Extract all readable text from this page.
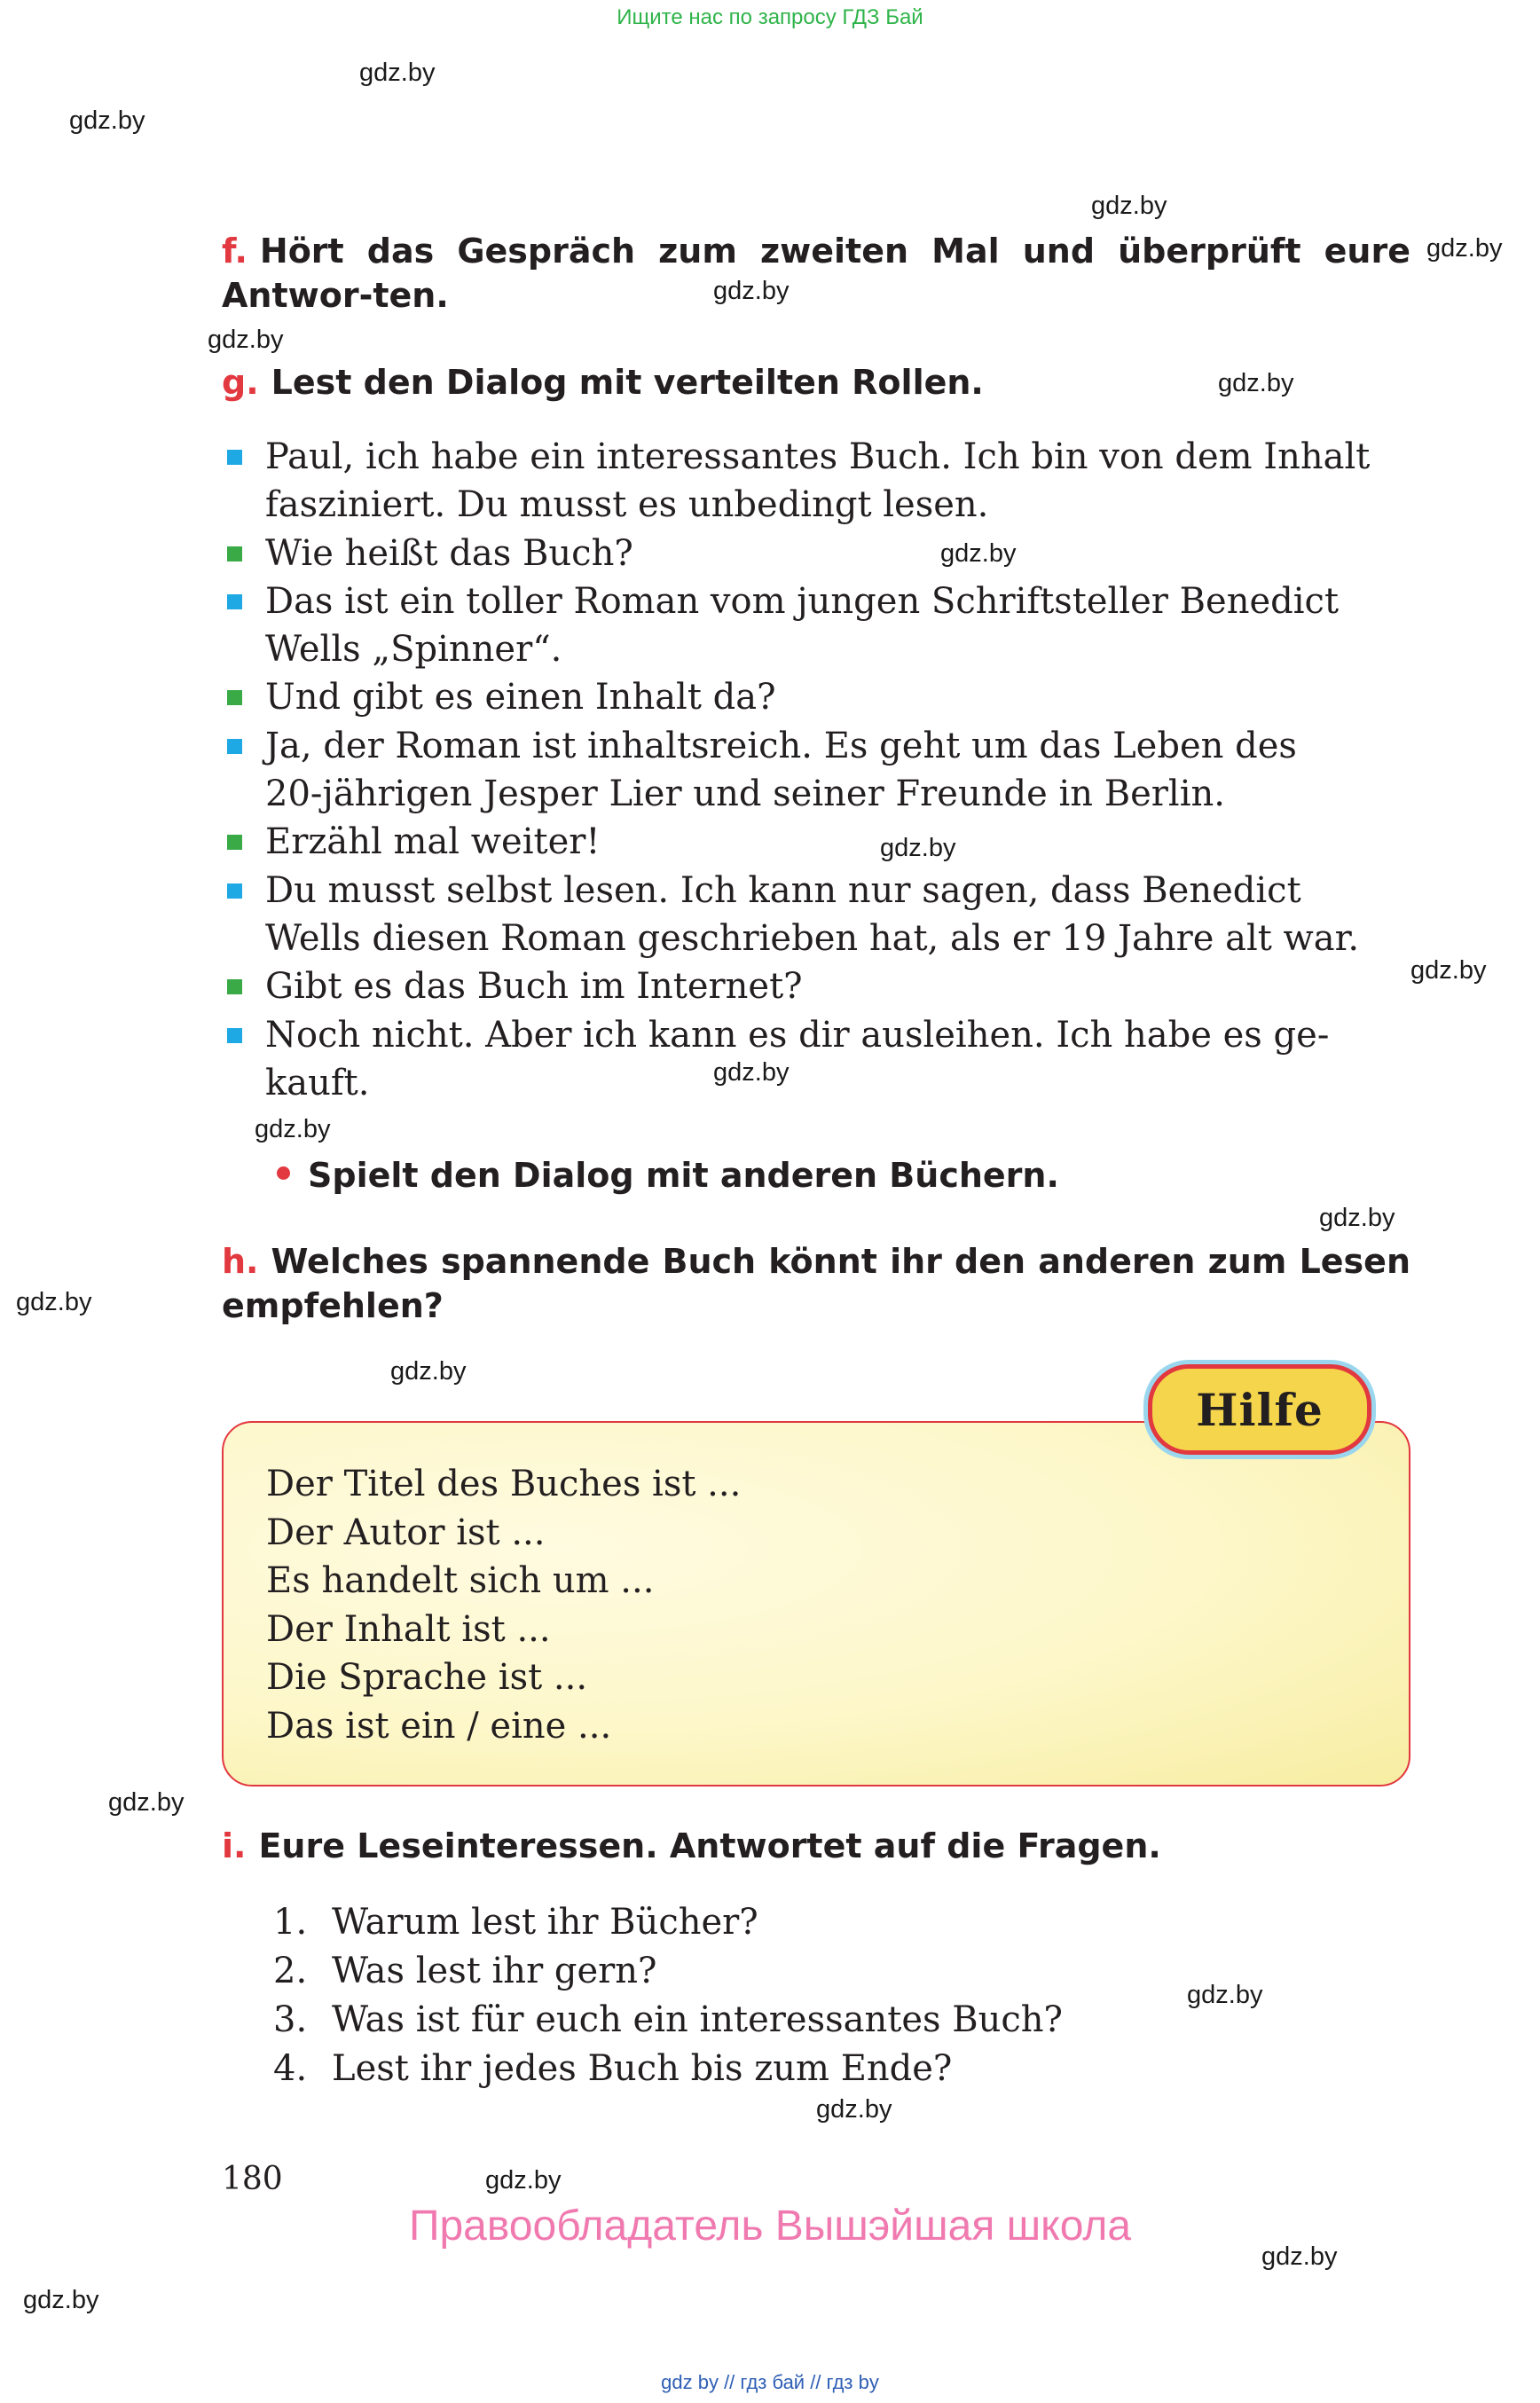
Ищите нас по запросу ГДЗ Бай
gdz.by
gdz.by
gdz.by
gdz.by
gdz.by
gdz.by
gdz.by
gdz.by
gdz.by
gdz.by
gdz.by
gdz.by
gdz.by
gdz.by
gdz.by
gdz.by
gdz.by
gdz.by
gdz.by
gdz.by
gdz.by
f. Hört das Gespräch zum zweiten Mal und überprüft eure Antwor-ten.
g. Lest den Dialog mit verteilten Rollen.
Paul, ich habe ein interessantes Buch. Ich bin von dem Inhalt
fasziniert. Du musst es unbedingt lesen.
Wie heißt das Buch?
Das ist ein toller Roman vom jungen Schriftsteller Benedict
Wells „Spinner“.
Und gibt es einen Inhalt da?
Ja, der Roman ist inhaltsreich. Es geht um das Leben des
20-jährigen Jesper Lier und seiner Freunde in Berlin.
Erzähl mal weiter!
Du musst selbst lesen. Ich kann nur sagen, dass Benedict
Wells diesen Roman geschrieben hat, als er 19 Jahre alt war.
Gibt es das Buch im Internet?
Noch nicht. Aber ich kann es dir ausleihen. Ich habe es ge-
kauft.
Spielt den Dialog mit anderen Büchern.
h. Welches spannende Buch könnt ihr den anderen zum Lesen empfehlen?
Hilfe
Der Titel des Buches ist ...
Der Autor ist ...
Es handelt sich um ...
Der Inhalt ist ...
Die Sprache ist ...
Das ist ein / eine ...
i. Eure Leseinteressen. Antwortet auf die Fragen.
1. Warum lest ihr Bücher?
2. Was lest ihr gern?
3. Was ist für euch ein interessantes Buch?
4. Lest ihr jedes Buch bis zum Ende?
180
Правообладатель Вышэйшая школа
gdz by // гдз бай // гдз by
